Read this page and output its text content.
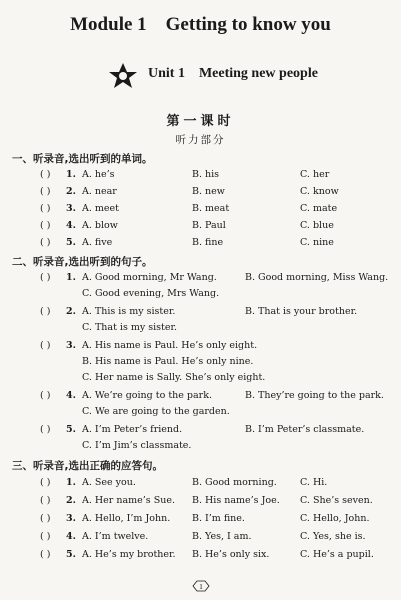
Module 1    Getting to know you
Unit 1    Meeting new people
第一课时
听力部分
一、听录音,选出听到的单词。
( ) 1. A. he’s	B. his	C. her
( ) 2. A. near	B. new	C. know
( ) 3. A. meet	B. meat	C. mate
( ) 4. A. blow	B. Paul	C. blue
( ) 5. A. five	B. fine	C. nine
二、听录音,选出听到的句子。
( ) 1. A. Good morning, Mr Wang.	B. Good morning, Miss Wang.
C. Good evening, Mrs Wang.
( ) 2. A. This is my sister.	B. That is your brother.
C. That is my sister.
( ) 3. A. His name is Paul. He’s only eight.
B. His name is Paul. He’s only nine.
C. Her name is Sally. She’s only eight.
( ) 4. A. We’re going to the park.	B. They’re going to the park.
C. We are going to the garden.
( ) 5. A. I’m Peter’s friend.	B. I’m Peter’s classmate.
C. I’m Jim’s classmate.
三、听录音,选出正确的应答句。
( ) 1. A. See you.	B. Good morning. C. Hi.
( ) 2. A. Her name’s Sue. B. His name’s Joe. C. She’s seven.
( ) 3. A. Hello, I’m John. B. I’m fine.	C. Hello, John.
( ) 4. A. I’m twelve.	B. Yes, I am.	C. Yes, she is.
( ) 5. A. He’s my brother. B. He’s only six.	C. He’s a pupil.
1
